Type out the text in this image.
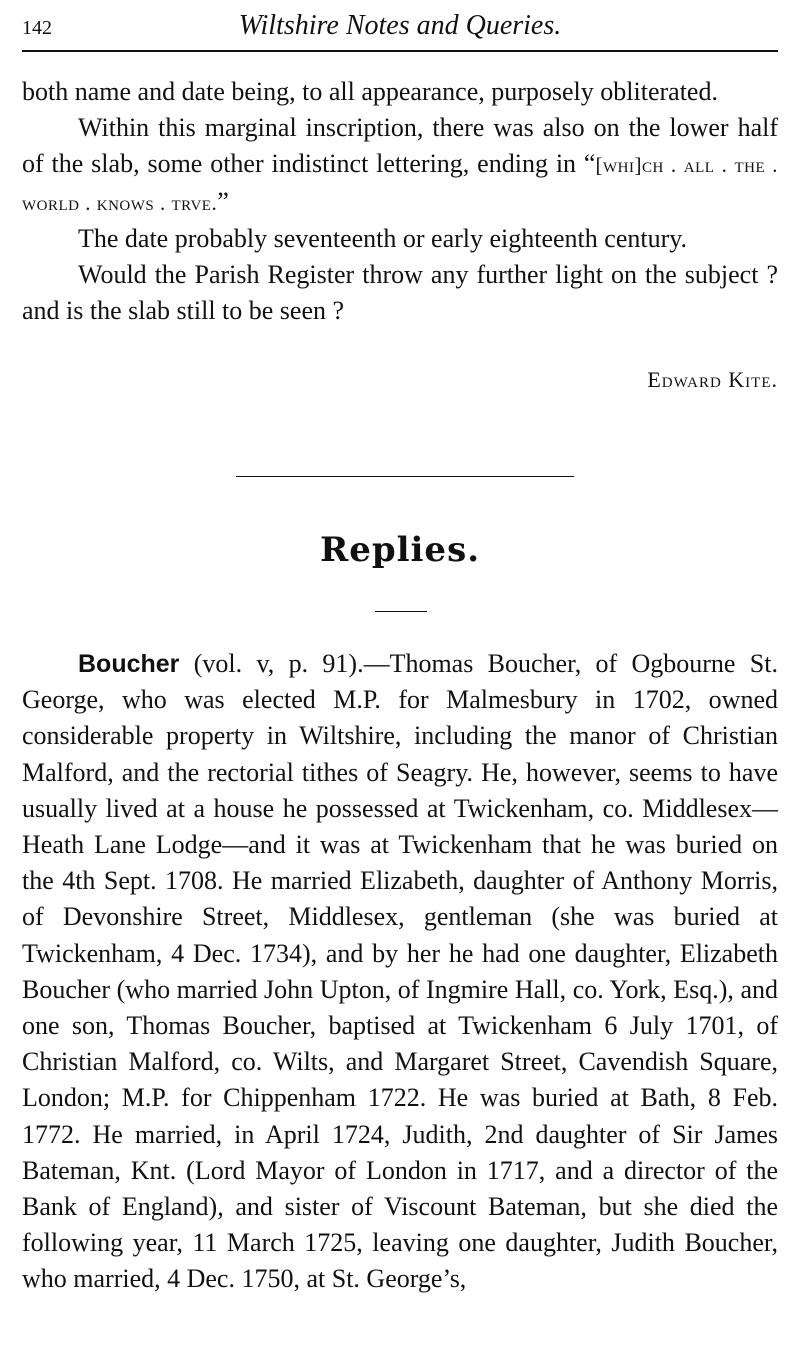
142	Wiltshire Notes and Queries.

both name and date being, to all appearance, purposely obliterated.

Within this marginal inscription, there was also on the lower half of the slab, some other indistinct lettering, ending in “[whi]ch . all . the . world . knows . trve.”

The date probably seventeenth or early eighteenth century.

Would the Parish Register throw any further light on the subject ? and is the slab still to be seen ?

Edward Kite.
Replies.

Boucher (vol. v, p. 91).—Thomas Boucher, of Ogbourne St. George, who was elected M.P. for Malmesbury in 1702, owned considerable property in Wiltshire, including the manor of Christian Malford, and the rectorial tithes of Seagry. He, however, seems to have usually lived at a house he possessed at Twickenham, co. Middlesex—Heath Lane Lodge—and it was at Twickenham that he was buried on the 4th Sept. 1708. He married Elizabeth, daughter of Anthony Morris, of Devonshire Street, Middlesex, gentleman (she was buried at Twickenham, 4 Dec. 1734), and by her he had one daughter, Elizabeth Boucher (who married John Upton, of Ingmire Hall, co. York, Esq.), and one son, Thomas Boucher, baptised at Twickenham 6 July 1701, of Christian Malford, co. Wilts, and Margaret Street, Cavendish Square, London; M.P. for Chippenham 1722. He was buried at Bath, 8 Feb. 1772. He married, in April 1724, Judith, 2nd daughter of Sir James Bateman, Knt. (Lord Mayor of London in 1717, and a director of the Bank of England), and sister of Viscount Bateman, but she died the following year, 11 March 1725, leaving one daughter, Judith Boucher, who married, 4 Dec. 1750, at St. George’s,
